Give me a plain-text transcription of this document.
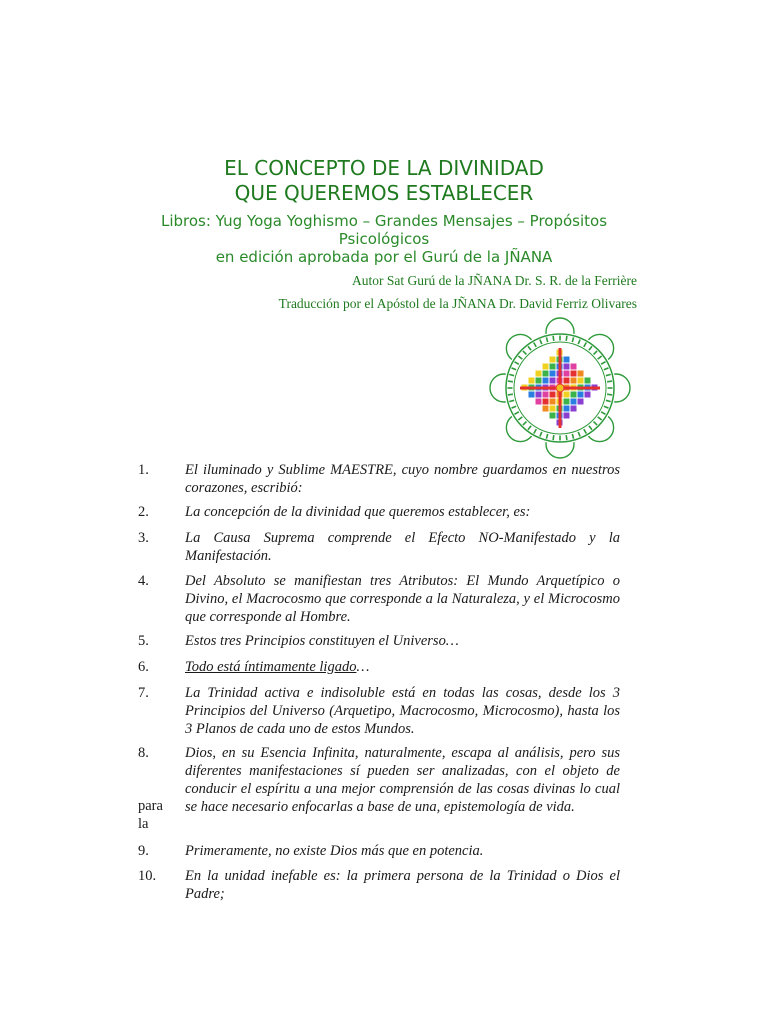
EL CONCEPTO DE LA DIVINIDAD
QUE QUEREMOS ESTABLECER
Libros: Yug Yoga Yoghismo – Grandes Mensajes – Propósitos
Psicológicos
en edición aprobada por el Gurú de la JÑANA
Autor Sat Gurú de la JÑANA Dr. S. R. de la Ferrière
Traducción por el Apóstol de la JÑANA Dr. David Ferriz Olivares
1. El iluminado y Sublime MAESTRE, cuyo nombre guardamos en nuestros corazones, escribió:
2. La concepción de la divinidad que queremos establecer, es:
3. La Causa Suprema comprende el Efecto NO-Manifestado y la Manifestación.
4. Del Absoluto se manifiestan tres Atributos: El Mundo Arquetípico o Divino, el Macrocosmo que corresponde a la Naturaleza, y el Microcosmo que corresponde al Hombre.
5. Estos tres Principios constituyen el Universo…
6. Todo está íntimamente ligado…
7. La Trinidad activa e indisoluble está en todas las cosas, desde los 3 Principios del Universo (Arquetipo, Macrocosmo, Microcosmo), hasta los 3 Planos de cada uno de estos Mundos.
8. Dios, en su Esencia Infinita, naturalmente, escapa al análisis, pero sus diferentes manifestaciones sí pueden ser analizadas, con el objeto de conducir el espíritu a una mejor comprensión de las cosas divinas lo cual se hace necesario enfocarlas a base de una, epistemología de vida.
para
la
9. Primeramente, no existe Dios más que en potencia.
10. En la unidad inefable es: la primera persona de la Trinidad o Dios el Padre;
